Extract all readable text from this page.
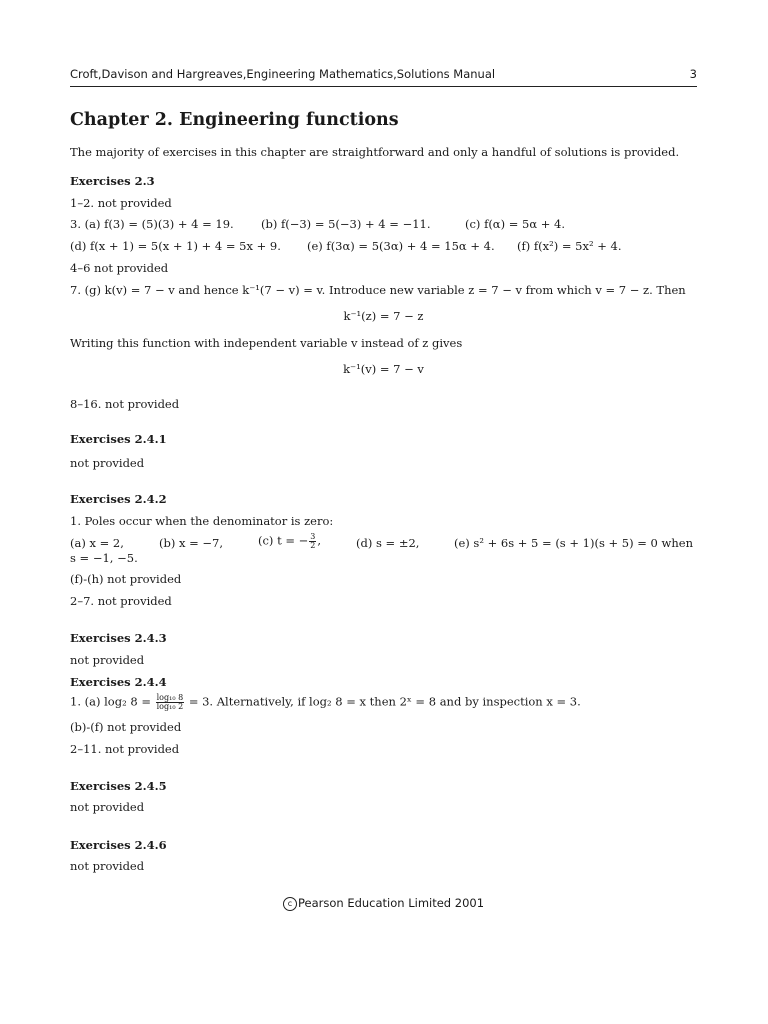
Croft,Davison and Hargreaves,Engineering Mathematics,Solutions Manual	3
Chapter 2. Engineering functions
The majority of exercises in this chapter are straightforward and only a handful of solutions is provided.
Exercises 2.3
1–2. not provided
3. (a) f(3) = (5)(3) + 4 = 19. (b) f(−3) = 5(−3) + 4 = −11.	(c) f(α) = 5α + 4.
(d) f(x + 1) = 5(x + 1) + 4 = 5x + 9. (e) f(3α) = 5(3α) + 4 = 15α + 4. (f) f(x²) = 5x² + 4.
4–6 not provided
7. (g) k(v) = 7 − v and hence k⁻¹(7 − v) = v. Introduce new variable z = 7 − v from which v = 7 − z. Then
k⁻¹(z) = 7 − z
Writing this function with independent variable v instead of z gives
k⁻¹(v) = 7 − v
8–16. not provided
Exercises 2.4.1
not provided
Exercises 2.4.2
1. Poles occur when the denominator is zero:
(a) x = 2,	(b) x = −7,	(c) t = − $\frac{3}{2}$ ,	(d) s = ±2,	(e) s² + 6s + 5 = (s + 1)(s + 5) = 0 when
s = −1, −5.
(f)-(h) not provided
2–7. not provided
Exercises 2.4.3
not provided
Exercises 2.4.4
1. (a) log₂ $8 = \frac{\text{log₁₀ 8}}{\text{log₁₀ 2}} = 3$. Alternatively, if log₂ 8 = x then 2ˣ = 8 and by inspection x = 3.
(b)-(f) not provided
2–11. not provided
Exercises 2.4.5
not provided
Exercises 2.4.6
not provided
c Pearson Education Limited 2001
